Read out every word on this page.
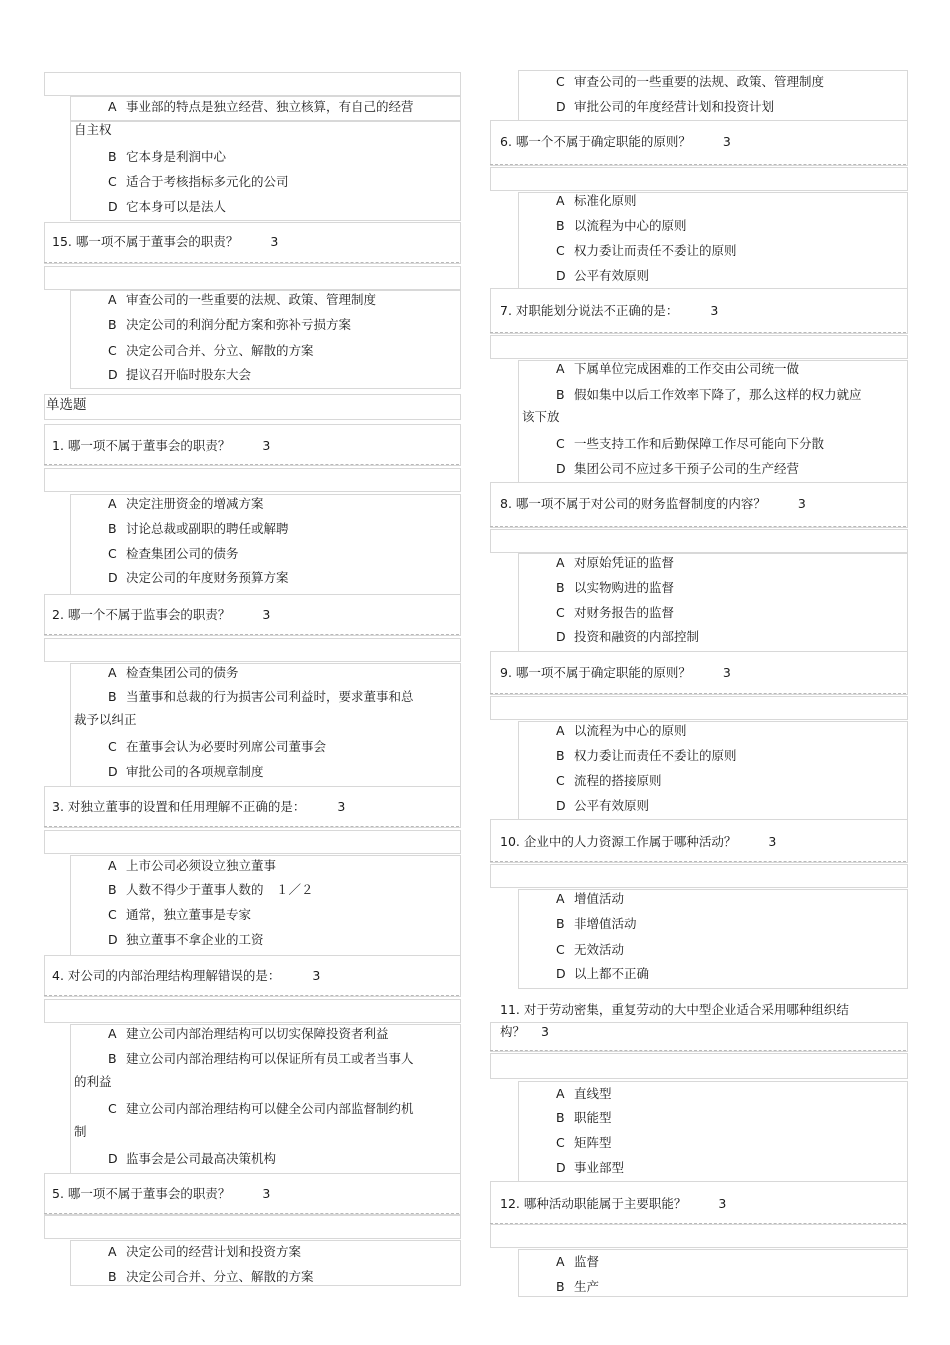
A 事业部的特点是独立经营、独立核算，有自己的经营
自主权
B 它本身是利润中心
C 适合于考核指标多元化的公司
D 它本身可以是法人
15. 哪一项不属于董事会的职责？	3
A 审查公司的一些重要的法规、政策、管理制度
B 决定公司的利润分配方案和弥补亏损方案
C 决定公司合并、分立、解散的方案
D 提议召开临时股东大会
单选题
1. 哪一项不属于董事会的职责？	3
A 决定注册资金的增减方案
B 讨论总裁或副职的聘任或解聘
C 检查集团公司的债务
D 决定公司的年度财务预算方案
2. 哪一个不属于监事会的职责？	3
A 检查集团公司的债务
B 当董事和总裁的行为损害公司利益时，要求董事和总
裁予以纠正
C 在董事会认为必要时列席公司董事会
D 审批公司的各项规章制度
3. 对独立董事的设置和任用理解不正确的是：	3
A 上市公司必须设立独立董事
B 人数不得少于董事人数的　１／２
C 通常，独立董事是专家
D 独立董事不拿企业的工资
4. 对公司的内部治理结构理解错误的是：	3
A 建立公司内部治理结构可以切实保障投资者利益
B 建立公司内部治理结构可以保证所有员工或者当事人
的利益
C 建立公司内部治理结构可以健全公司内部监督制约机
制
D 监事会是公司最高决策机构
5. 哪一项不属于董事会的职责？	3
A 决定公司的经营计划和投资方案
B 决定公司合并、分立、解散的方案
C 审查公司的一些重要的法规、政策、管理制度
D 审批公司的年度经营计划和投资计划
6. 哪一个不属于确定职能的原则？	3
A 标准化原则
B 以流程为中心的原则
C 权力委让而责任不委让的原则
D 公平有效原则
7. 对职能划分说法不正确的是：	3
A 下属单位完成困难的工作交由公司统一做
B 假如集中以后工作效率下降了，那么这样的权力就应
该下放
C 一些支持工作和后勤保障工作尽可能向下分散
D 集团公司不应过多干预子公司的生产经营
8. 哪一项不属于对公司的财务监督制度的内容？	3
A 对原始凭证的监督
B 以实物购进的监督
C 对财务报告的监督
D 投资和融资的内部控制
9. 哪一项不属于确定职能的原则？	3
A 以流程为中心的原则
B 权力委让而责任不委让的原则
C 流程的搭接原则
D 公平有效原则
10. 企业中的人力资源工作属于哪种活动？	3
A 增值活动
B 非增值活动
C 无效活动
D 以上都不正确
11. 对于劳动密集，重复劳动的大中型企业适合采用哪种组织结
构？ 3
A 直线型
B 职能型
C 矩阵型
D 事业部型
12. 哪种活动职能属于主要职能？	3
A 监督
B 生产
